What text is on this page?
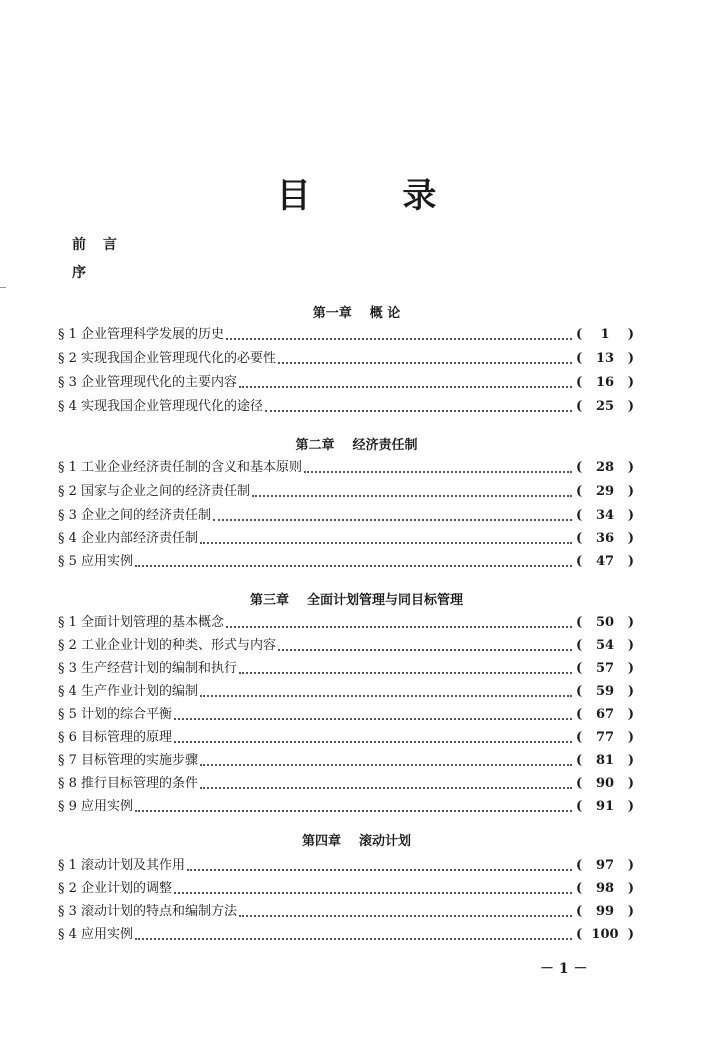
目 录
前 言
序
第一章 概 论
§ 1 企业管理科学发展的历史	(	1	)
§ 2 实现我国企业管理现代化的必要性	(	13	)
§ 3 企业管理现代化的主要内容	(	16	)
§ 4 实现我国企业管理现代化的途径	(	25	)
第二章 经济责任制
§ 1 工业企业经济责任制的含义和基本原则	(	28	)
§ 2 国家与企业之间的经济责任制	(	29	)
§ 3 企业之间的经济责任制	(	34	)
§ 4 企业内部经济责任制	(	36	)
§ 5 应用实例	(	47	)
第三章 全面计划管理与同目标管理
§ 1 全面计划管理的基本概念	(	50	)
§ 2 工业企业计划的种类、形式与内容	(	54	)
§ 3 生产经营计划的编制和执行	(	57	)
§ 4 生产作业计划的编制	(	59	)
§ 5 计划的综合平衡	(	67	)
§ 6 目标管理的原理	(	77	)
§ 7 目标管理的实施步骤	(	81	)
§ 8 推行目标管理的条件	(	90	)
§ 9 应用实例	(	91	)
第四章 滚动计划
§ 1 滚动计划及其作用	(	97	)
§ 2 企业计划的调整	(	98	)
§ 3 滚动计划的特点和编制方法	(	99	)
§ 4 应用实例	( 100 )
－ 1 －
